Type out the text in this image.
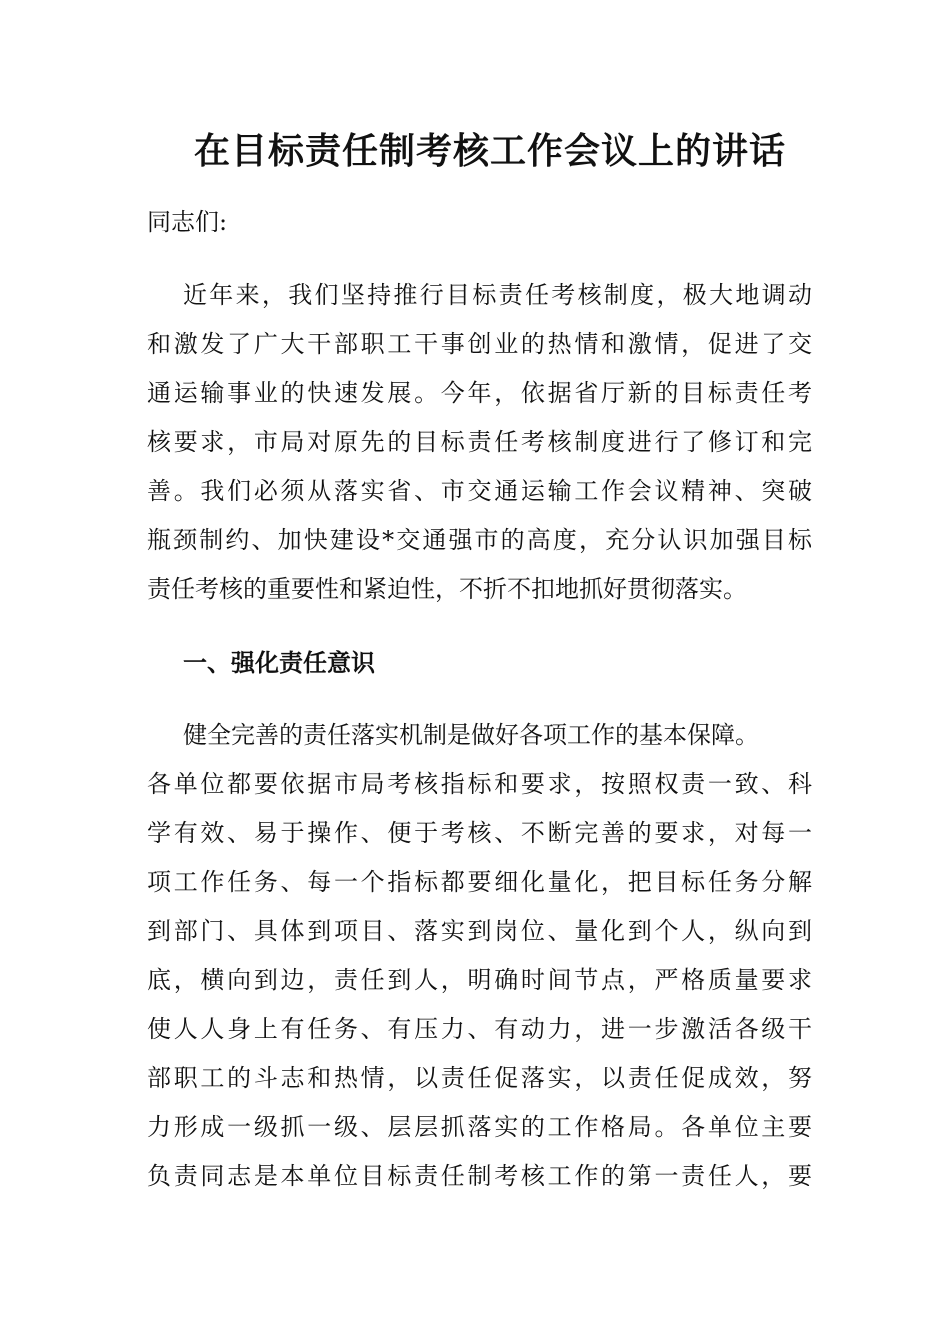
在目标责任制考核工作会议上的讲话
同志们:
近年来，我们坚持推行目标责任考核制度，极大地调动
和激发了广大干部职工干事创业的热情和激情，促进了交
通运输事业的快速发展。今年，依据省厅新的目标责任考
核要求，市局对原先的目标责任考核制度进行了修订和完
善。我们必须从落实省、市交通运输工作会议精神、突破
瓶颈制约、加快建设*交通强市的高度，充分认识加强目标
责任考核的重要性和紧迫性，不折不扣地抓好贯彻落实。
一、强化责任意识
健全完善的责任落实机制是做好各项工作的基本保障。
各单位都要依据市局考核指标和要求，按照权责一致、科
学有效、易于操作、便于考核、不断完善的要求，对每一
项工作任务、每一个指标都要细化量化，把目标任务分解
到部门、具体到项目、落实到岗位、量化到个人，纵向到
底，横向到边，责任到人，明确时间节点，严格质量要求
使人人身上有任务、有压力、有动力，进一步激活各级干
部职工的斗志和热情，以责任促落实，以责任促成效，努
力形成一级抓一级、层层抓落实的工作格局。各单位主要
负责同志是本单位目标责任制考核工作的第一责任人，要
